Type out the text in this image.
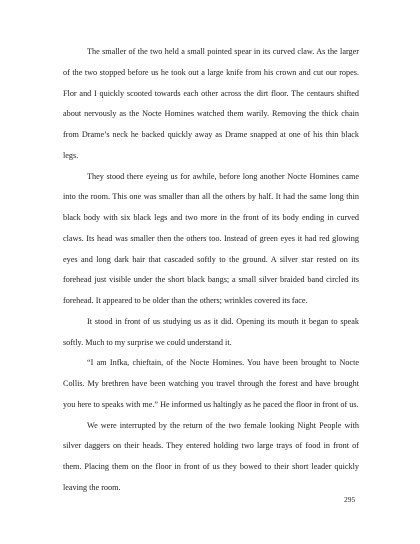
The smaller of the two held a small pointed spear in its curved claw. As the larger of the two stopped before us he took out a large knife from his crown and cut our ropes. Flor and I quickly scooted towards each other across the dirt floor. The centaurs shifted about nervously as the Nocte Homines watched them warily. Removing the thick chain from Drame’s neck he backed quickly away as Drame snapped at one of his thin black legs.

They stood there eyeing us for awhile, before long another Nocte Homines came into the room. This one was smaller than all the others by half. It had the same long thin black body with six black legs and two more in the front of its body ending in curved claws. Its head was smaller then the others too. Instead of green eyes it had red glowing eyes and long dark hair that cascaded softly to the ground. A silver star rested on its forehead just visible under the short black bangs; a small silver braided band circled its forehead. It appeared to be older than the others; wrinkles covered its face.

It stood in front of us studying us as it did. Opening its mouth it began to speak softly. Much to my surprise we could understand it.

“I am Infka, chieftain, of the Nocte Homines. You have been brought to Nocte Collis. My brethren have been watching you travel through the forest and have brought you here to speaks with me.” He informed us haltingly as he paced the floor in front of us.

We were interrupted by the return of the two female looking Night People with silver daggers on their heads. They entered holding two large trays of food in front of them. Placing them on the floor in front of us they bowed to their short leader quickly leaving the room.

295
